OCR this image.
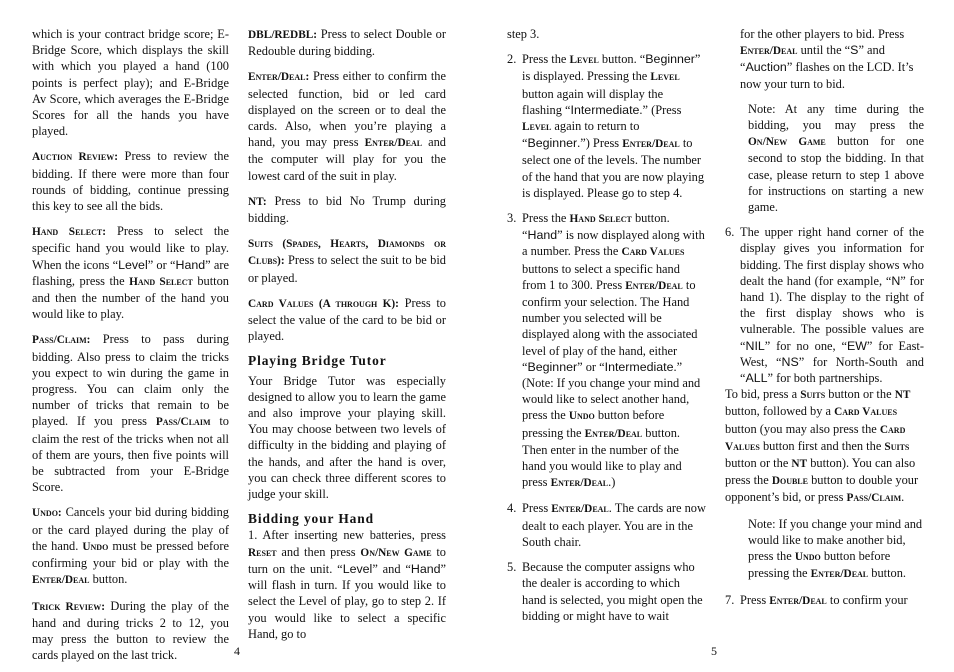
which is your contract bridge score; E-Bridge Score, which displays the skill with which you played a hand (100 points is perfect play); and E-Bridge Av Score, which averages the E-Bridge Scores for all the hands you have played.

Auction Review: Press to review the bidding. If there were more than four rounds of bidding, continue pressing this key to see all the bids.

Hand Select: Press to select the specific hand you would like to play. When the icons “Level” or “Hand” are flashing, press the Hand Select button and then the number of the hand you would like to play.

Pass/Claim: Press to pass during bidding. Also press to claim the tricks you expect to win during the game in progress. You can claim only the number of tricks that remain to be played. If you press Pass/Claim to claim the rest of the tricks when not all of them are yours, then five points will be subtracted from your E-Bridge Score.

Undo: Cancels your bid during bidding or the card played during the play of the hand. Undo must be pressed before confirming your bid or play with the Enter/Deal button.

Trick Review: During the play of the hand and during tricks 2 to 12, you may press the button to review the cards played on the last trick.

DBL/REDBL: Press to select Double or Redouble during bidding.

Enter/Deal: Press either to confirm the selected function, bid or led card displayed on the screen or to deal the cards. Also, when you’re playing a hand, you may press Enter/Deal and the computer will play for you the lowest card of the suit in play.

NT: Press to bid No Trump during bidding.

Suits (Spades, Hearts, Diamonds or Clubs): Press to select the suit to be bid or played.

Card Values (A through K): Press to select the value of the card to be bid or played.

Playing Bridge Tutor

Your Bridge Tutor was especially designed to allow you to learn the game and also improve your playing skill. You may choose between two levels of difficulty in the bidding and playing of the hands, and after the hand is over, you can check three different scores to judge your skill.

Bidding your Hand

1. After inserting new batteries, press Reset and then press On/New Game to turn on the unit. “Level” and “Hand” will flash in turn. If you would like to select the Level of play, go to step 2. If you would like to select a specific Hand, go to

4

step 3.

2. Press the Level button. “Beginner” is displayed. Pressing the Level button again will display the flashing “Intermediate.” (Press Level again to return to “Beginner.”) Press Enter/Deal to select one of the levels. The number of the hand that you are now playing is displayed. Please go to step 4.
3. Press the Hand Select button. “Hand” is now displayed along with a number. Press the Card Values buttons to select a specific hand from 1 to 300. Press Enter/Deal to confirm your selection. The Hand number you selected will be displayed along with the associated level of play of the hand, either “Beginner” or “Intermediate.” (Note: If you change your mind and would like to select another hand, press the Undo button before pressing the Enter/Deal button. Then enter in the number of the hand you would like to play and press Enter/Deal.)
4. Press Enter/Deal. The cards are now dealt to each player. You are in the South chair.
5. Because the computer assigns who the dealer is according to which hand is selected, you might open the bidding or might have to wait

for the other players to bid. Press Enter/Deal until the “S” and “Auction” flashes on the LCD. It’s now your turn to bid.

Note: At any time during the bidding, you may press the On/New Game button for one second to stop the bidding. In that case, please return to step 1 above for instructions on starting a new game.

6. The upper right hand corner of the display gives you information for bidding. The first display shows who dealt the hand (for example, “N” for hand 1). The display to the right of the first display shows who is vulnerable. The possible values are “NIL” for no one, “EW” for East-West, “NS” for North-South and “ALL” for both partnerships.

To bid, press a Suits button or the NT button, followed by a Card Values button (you may also press the Card Values button first and then the Suits button or the NT button). You can also press the Double button to double your opponent’s bid, or press Pass/Claim.

Note: If you change your mind and would like to make another bid, press the Undo button before pressing the Enter/Deal button.

7. Press Enter/Deal to confirm your
5
